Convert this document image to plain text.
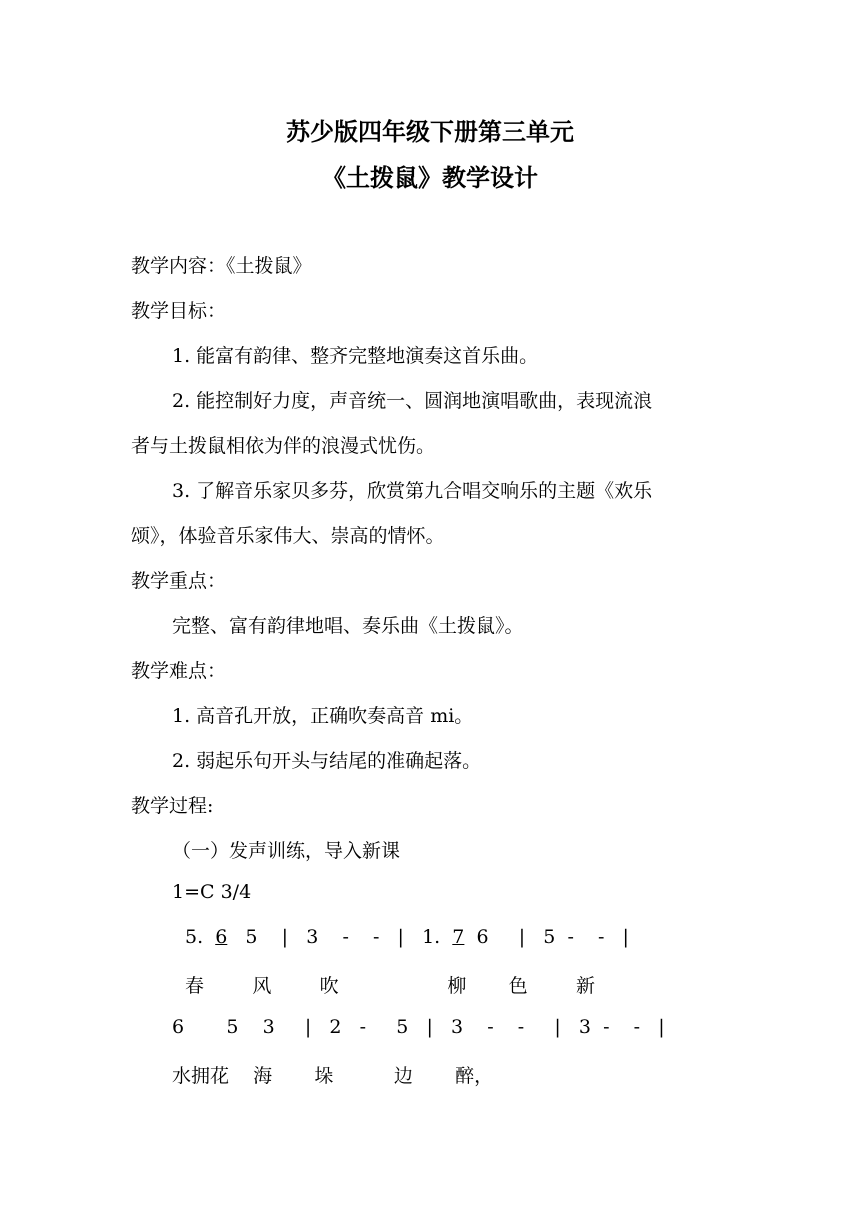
苏少版四年级下册第三单元
《土拨鼠》教学设计
教学内容：《土拨鼠》
教学目标：
1. 能富有韵律、整齐完整地演奏这首乐曲。
2. 能控制好力度，声音统一、圆润地演唱歌曲，表现流浪
者与土拨鼠相依为伴的浪漫式忧伤。
3. 了解音乐家贝多芬，欣赏第九合唱交响乐的主题《欢乐
颂》，体验音乐家伟大、崇高的情怀。
教学重点：
完整、富有韵律地唱、奏乐曲《土拨鼠》。
教学难点：
1. 高音孔开放，正确吹奏高音 mi。
2. 弱起乐句开头与结尾的准确起落。
教学过程:
（一）发声训练，导入新课
1=C 3/4
5.  6   5    |   3    -    -   |   1.  7  6     |   5  -    -   |
春        风        吹                  柳       色        新
6       5    3     |   2   -     5   |   3    -    -     |   3  -    -   |
水拥花    海       垛          边       醉，
